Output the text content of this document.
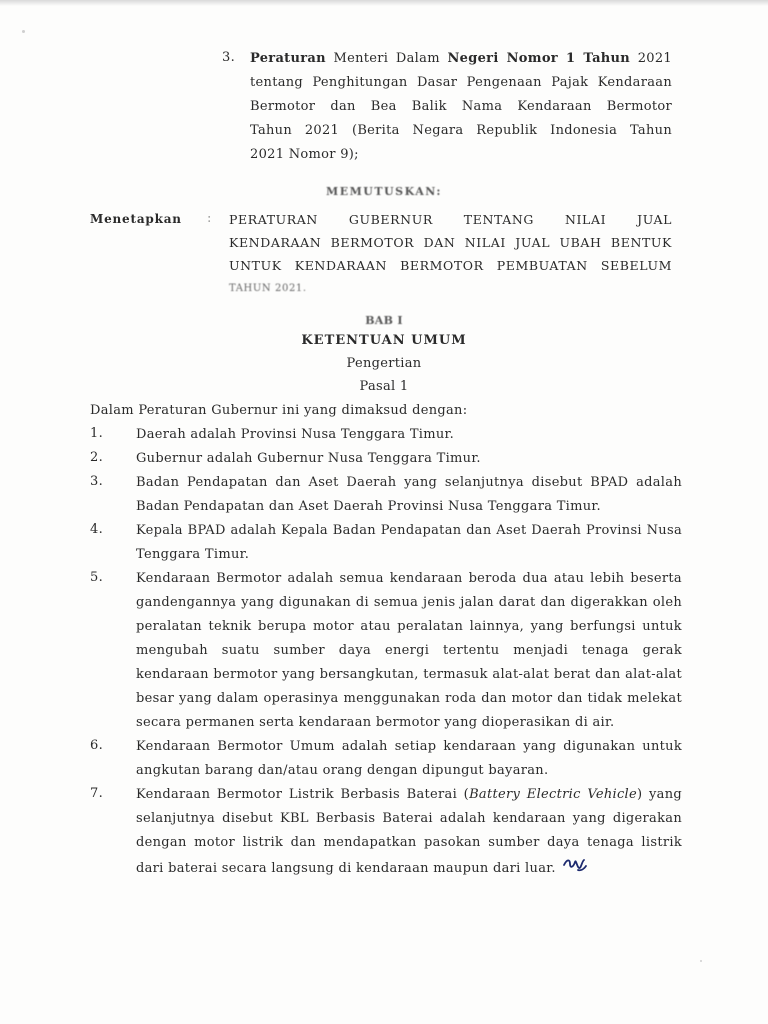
3. Peraturan Menteri Dalam Negeri Nomor 1 Tahun 2021
tentang Penghitungan Dasar Pengenaan Pajak Kendaraan
Bermotor dan Bea Balik Nama Kendaraan Bermotor
Tahun 2021 (Berita Negara Republik Indonesia Tahun
2021 Nomor 9);
MEMUTUSKAN:
Menetapkan : PERATURAN GUBERNUR TENTANG NILAI JUAL
KENDARAAN BERMOTOR DAN NILAI JUAL UBAH BENTUK
UNTUK KENDARAAN BERMOTOR PEMBUATAN SEBELUM
TAHUN 2021.
BAB I
KETENTUAN UMUM
Pengertian
Pasal 1
Dalam Peraturan Gubernur ini yang dimaksud dengan:
1.	Daerah adalah Provinsi Nusa Tenggara Timur.
2.	Gubernur adalah Gubernur Nusa Tenggara Timur.
3.	Badan Pendapatan dan Aset Daerah yang selanjutnya disebut BPAD adalah Badan Pendapatan dan Aset Daerah Provinsi Nusa Tenggara Timur.
4.	Kepala BPAD adalah Kepala Badan Pendapatan dan Aset Daerah Provinsi Nusa Tenggara Timur.
5.	Kendaraan Bermotor adalah semua kendaraan beroda dua atau lebih beserta gandengannya yang digunakan di semua jenis jalan darat dan digerakkan oleh peralatan teknik berupa motor atau peralatan lainnya, yang berfungsi untuk mengubah suatu sumber daya energi tertentu menjadi tenaga gerak kendaraan bermotor yang bersangkutan, termasuk alat-alat berat dan alat-alat besar yang dalam operasinya menggunakan roda dan motor dan tidak melekat secara permanen serta kendaraan bermotor yang dioperasikan di air.
6.	Kendaraan Bermotor Umum adalah setiap kendaraan yang digunakan untuk angkutan barang dan/atau orang dengan dipungut bayaran.
7.	Kendaraan Bermotor Listrik Berbasis Baterai (Battery Electric Vehicle) yang selanjutnya disebut KBL Berbasis Baterai adalah kendaraan yang digerakan dengan motor listrik dan mendapatkan pasokan sumber daya tenaga listrik dari baterai secara langsung di kendaraan maupun dari luar.
